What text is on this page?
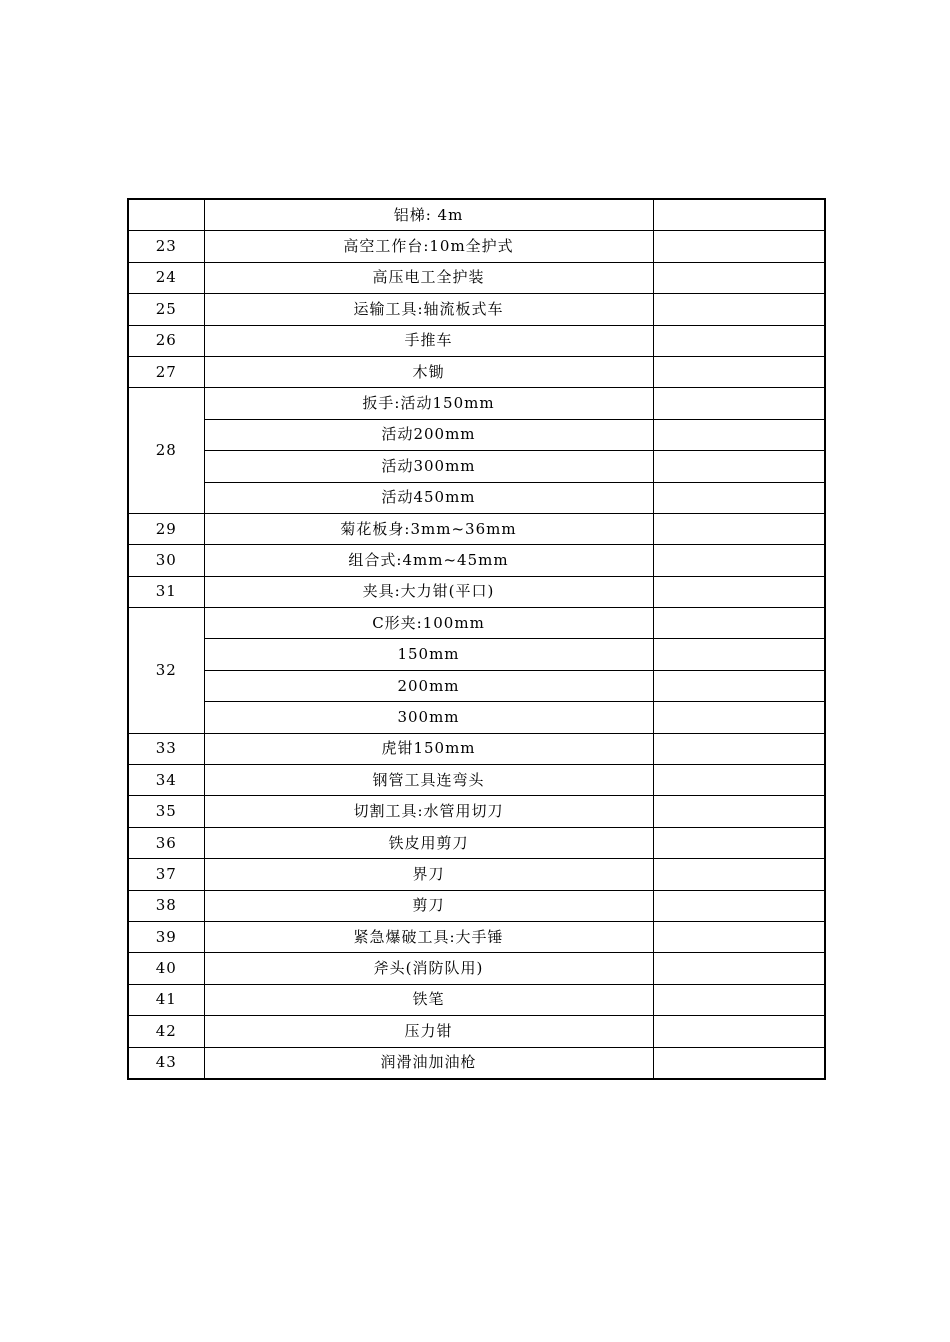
	铝梯: 4m	
23	高空工作台:10m全护式	
24	高压电工全护装	
25	运输工具:轴流板式车	
26	手推车	
27	木锄	
28	扳手:活动150mm	
	活动200mm	
	活动300mm	
	活动450mm	
29	菊花板身:3mm~36mm	
30	组合式:4mm~45mm	
31	夹具:大力钳(平口)	
32	C形夹:100mm	
	150mm	
	200mm	
	300mm	
33	虎钳150mm	
34	钢管工具连弯头	
35	切割工具:水管用切刀	
36	铁皮用剪刀	
37	界刀	
38	剪刀	
39	紧急爆破工具:大手锤	
40	斧头(消防队用)	
41	铁笔	
42	压力钳	
43	润滑油加油枪	
